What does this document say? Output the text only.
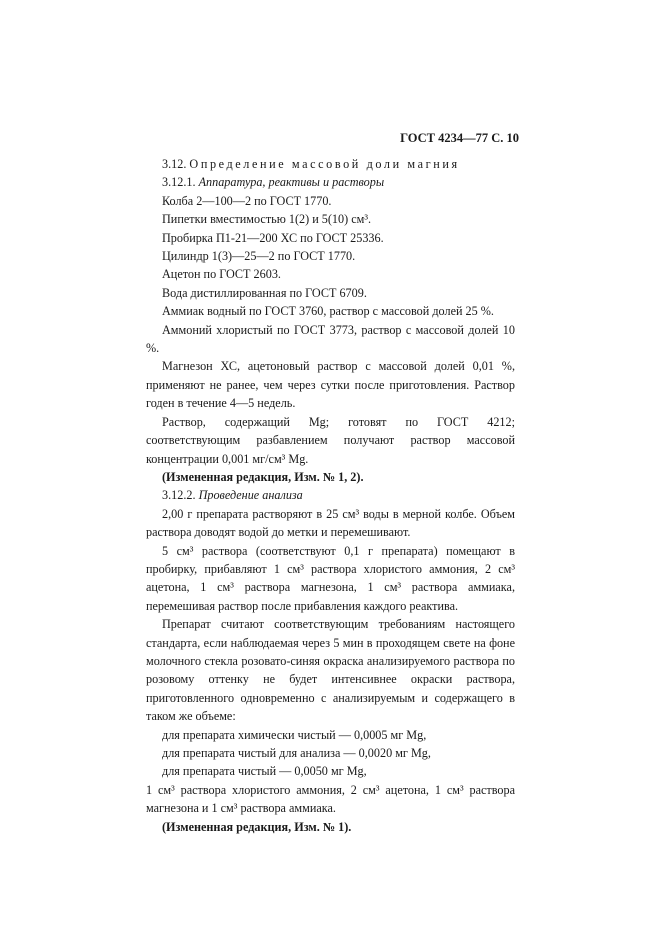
ГОСТ 4234—77 С. 10

3.12. Определение массовой доли магния

3.12.1. Аппаратура, реактивы и растворы

Колба 2—100—2 по ГОСТ 1770.

Пипетки вместимостью 1(2) и 5(10) см³.

Пробирка П1-21—200 ХС по ГОСТ 25336.

Цилиндр 1(3)—25—2 по ГОСТ 1770.

Ацетон по ГОСТ 2603.

Вода дистиллированная по ГОСТ 6709.

Аммиак водный по ГОСТ 3760, раствор с массовой долей 25 %.

Аммоний хлористый по ГОСТ 3773, раствор с массовой долей 10 %.

Магнезон ХС, ацетоновый раствор с массовой долей 0,01 %, применяют не ранее, чем через сутки после приготовления. Раствор годен в течение 4—5 недель.

Раствор, содержащий Mg; готовят по ГОСТ 4212; соответствующим разбавлением получают раствор массовой концентрации 0,001 мг/см³ Mg.

(Измененная редакция, Изм. № 1, 2).

3.12.2. Проведение анализа

2,00 г препарата растворяют в 25 см³ воды в мерной колбе. Объем раствора доводят водой до метки и перемешивают.

5 см³ раствора (соответствуют 0,1 г препарата) помещают в пробирку, прибавляют 1 см³ раствора хлористого аммония, 2 см³ ацетона, 1 см³ раствора магнезона, 1 см³ раствора аммиака, перемешивая раствор после прибавления каждого реактива.

Препарат считают соответствующим требованиям настоящего стандарта, если наблюдаемая через 5 мин в проходящем свете на фоне молочного стекла розовато-синяя окраска анализируемого раствора по розовому оттенку не будет интенсивнее окраски раствора, приготовленного одновременно с анализируемым и содержащего в таком же объеме:

для препарата химически чистый — 0,0005 мг Mg,

для препарата чистый для анализа — 0,0020 мг Mg,

для препарата чистый — 0,0050 мг Mg,

1 см³ раствора хлористого аммония, 2 см³ ацетона, 1 см³ раствора магнезона и 1 см³ раствора аммиака.

(Измененная редакция, Изм. № 1).
